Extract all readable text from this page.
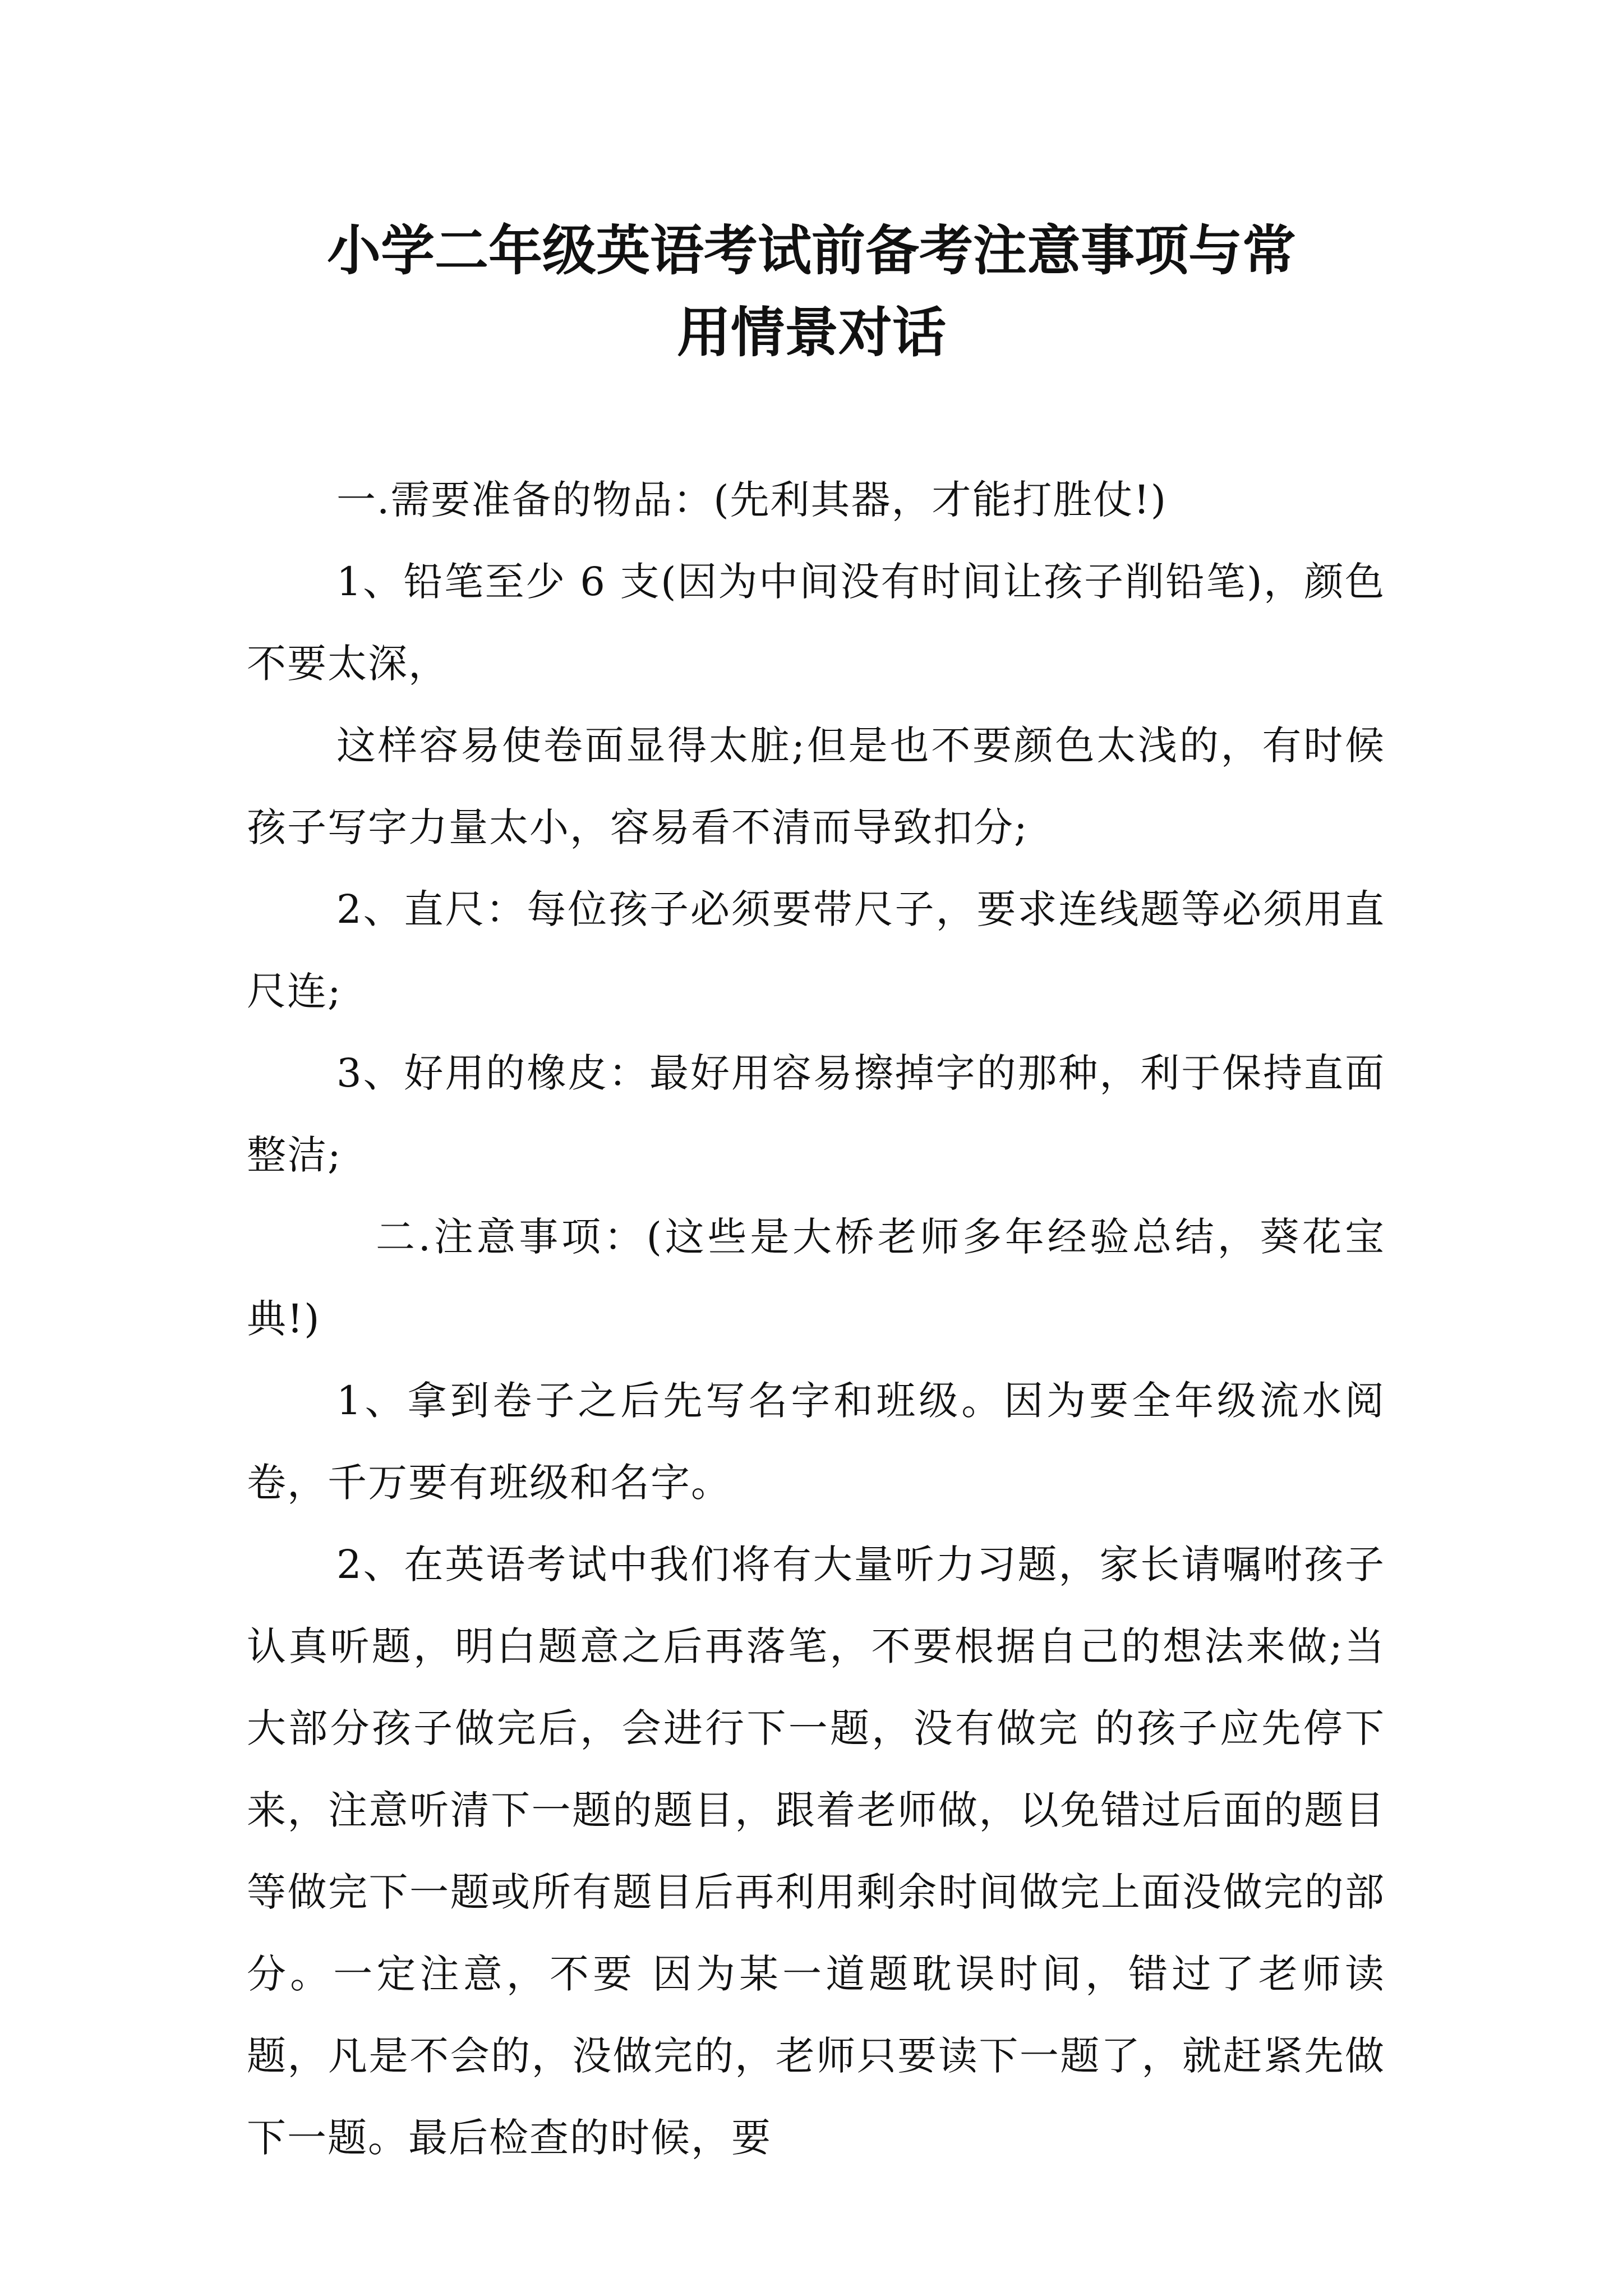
小学二年级英语考试前备考注意事项与常
用情景对话

一.需要准备的物品：(先利其器，才能打胜仗!)

1、铅笔至少 6 支(因为中间没有时间让孩子削铅笔)，颜色不要太深，

这样容易使卷面显得太脏;但是也不要颜色太浅的，有时候孩子写字力量太小，容易看不清而导致扣分;

2、直尺：每位孩子必须要带尺子，要求连线题等必须用直尺连;

3、好用的橡皮：最好用容易擦掉字的那种，利于保持直面整洁;

二.注意事项：(这些是大桥老师多年经验总结，葵花宝典!)

1、拿到卷子之后先写名字和班级。因为要全年级流水阅卷，千万要有班级和名字。

2、在英语考试中我们将有大量听力习题，家长请嘱咐孩子认真听题，明白题意之后再落笔，不要根据自己的想法来做;当大部分孩子做完后，会进行下一题，没有做完 的孩子应先停下来，注意听清下一题的题目，跟着老师做，以免错过后面的题目等做完下一题或所有题目后再利用剩余时间做完上面没做完的部分。一定注意，不要 因为某一道题耽误时间，错过了老师读题，凡是不会的，没做完的，老师只要读下一题了，就赶紧先做下一题。最后检查的时候，要
